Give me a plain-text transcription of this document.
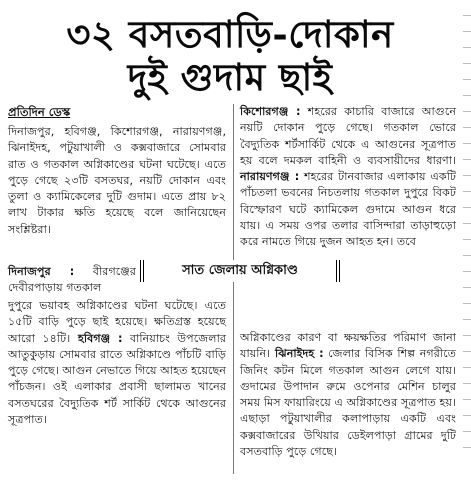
৩২ বসতবাড়ি-দোকান
দুই গুদাম ছাই
প্রতিদিন ডেস্ক

দিনাজপুর, হবিগঞ্জ, কিশোরগঞ্জ, নারায়ণগঞ্জ, ঝিনাইদহ, পটুয়াখালী ও কক্সবাজারে সোমবার রাত ও গতকাল অগ্নিকাণ্ডের ঘটনা ঘটেছে। এতে পুড়ে গেছে ২৩টি বসতঘর, নয়টি দোকান এবং তুলা ও ক্যামিকেলের দুটি গুদাম। এতে প্রায় ৮২ লাখ টাকার ক্ষতি হয়েছে বলে জানিয়েছেন সংশ্লিষ্টরা।

দিনাজপুর : বীরগঞ্জের দেবীরপাড়ায় গতকাল

দুপুরে ভয়াবহ অগ্নিকাণ্ডের ঘটনা ঘটেছে। এতে ১৫টি বাড়ি পুড়ে ছাই হয়েছে। ক্ষতিগ্রস্ত হয়েছে আরো ১৪টি। হবিগঞ্জ : বানিয়াচং উপজেলার আতুকুড়ায় সোমবার রাতে অগ্নিকাণ্ডে পাঁচটি বাড়ি পুড়ে গেছে। আগুন নেভাতে গিয়ে আহত হয়েছেন পাঁচজন। ওই এলাকার প্রবাসী ছালামত খানের বসতঘরের বৈদ্যুতিক শর্ট সার্কিট থেকে আগুনের সূত্রপাত।

সাত জেলায় অগ্নিকাণ্ড

কিশোরগঞ্জ : শহরের কাচারি বাজারে আগুনে নয়টি দোকান পুড়ে গেছে। গতকাল ভোরে বৈদ্যুতিক শর্টসার্কিট থেকে এ আগুনের সূত্রপাত হয় বলে দমকল বাহিনী ও ব্যবসায়ীদের ধারণা। নারায়ণগঞ্জ : শহরের টানবাজার এলাকায় একটি পাঁচতলা ভবনের নিচতলায় গতকাল দুপুরে বিকট বিস্ফোরণ ঘটে ক্যামিকেল গুদামে আগুন ধরে যায়। এ সময় ওপর তলার বাসিন্দারা তাড়াহুড়ো করে নামতে গিয়ে দুজন আহত হন। তবে

অগ্নিকাণ্ডের কারণ বা ক্ষয়ক্ষতির পরিমাণ জানা যায়নি। ঝিনাইদহ : জেলার বিসিক শিল্প নগরীতে জিনিং কটন মিলে গতকাল আগুন লেগে যায়। গুদামের উপাদান রুমে ওপেনার মেশিন চালুর সময় মিস ফায়ারিংয়ে এ অগ্নিকাণ্ডের সূত্রপাত হয়। এছাড়া পটুয়াখালীর কলাপাড়ায় একটি এবং কক্সবাজারের উখিয়ার ডেইলপাড়া গ্রামের দুটি বসতবাড়ি পুড়ে গেছে।
